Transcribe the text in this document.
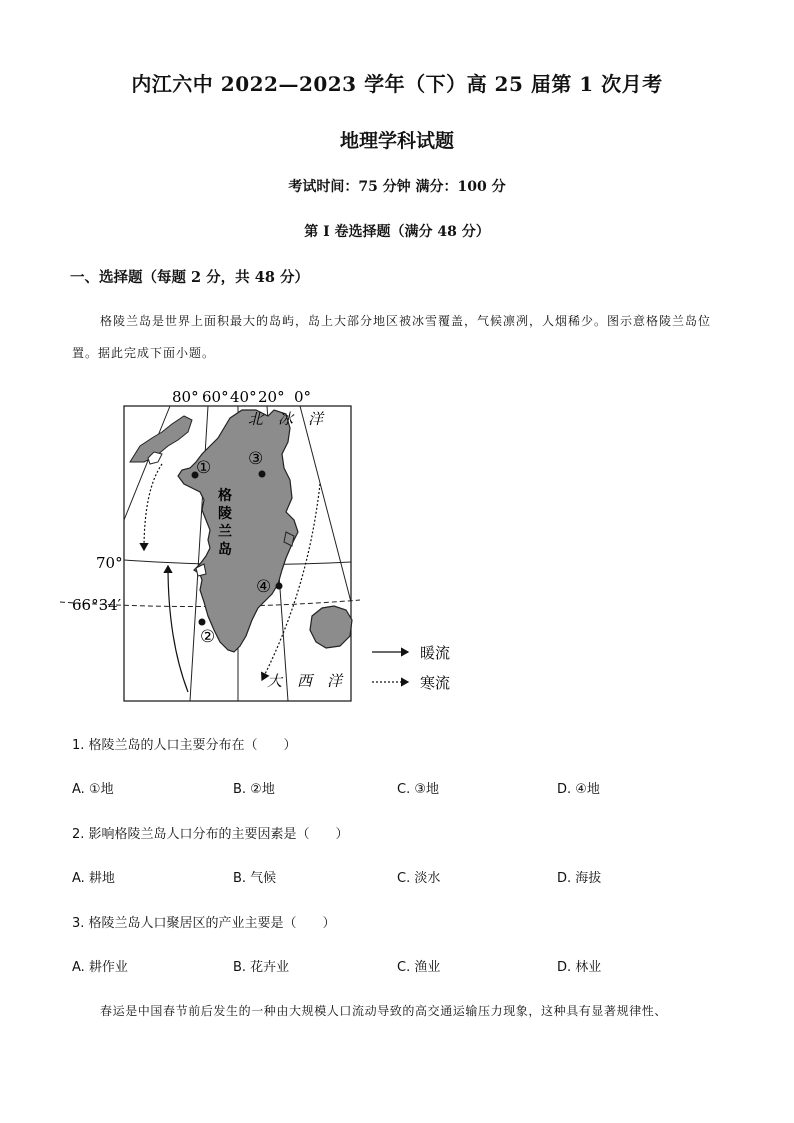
内江六中 2022—2023 学年（下）高 25 届第 1 次月考
地理学科试题
考试时间：75 分钟 满分：100 分
第 I 卷选择题（满分 48 分）
一、选择题（每题 2 分，共 48 分）
格陵兰岛是世界上面积最大的岛屿，岛上大部分地区被冰雪覆盖，气候凛冽，人烟稀少。图示意格陵兰岛位置。据此完成下面小题。
80° 60° 40° 20° 0°
格
陵
兰
岛
①
②
③
④
北　冰　洋
大　西　洋
暖流
寒流
70°
66°34′
1. 格陵兰岛的人口主要分布在（　　）
A. ①地	B. ②地	C. ③地	D. ④地
2. 影响格陵兰岛人口分布的主要因素是（　　）
A. 耕地	B. 气候	C. 淡水	D. 海拔
3. 格陵兰岛人口聚居区的产业主要是（　　）
A. 耕作业	B. 花卉业	C. 渔业	D. 林业
春运是中国春节前后发生的一种由大规模人口流动导致的高交通运输压力现象，这种具有显著规律性、
